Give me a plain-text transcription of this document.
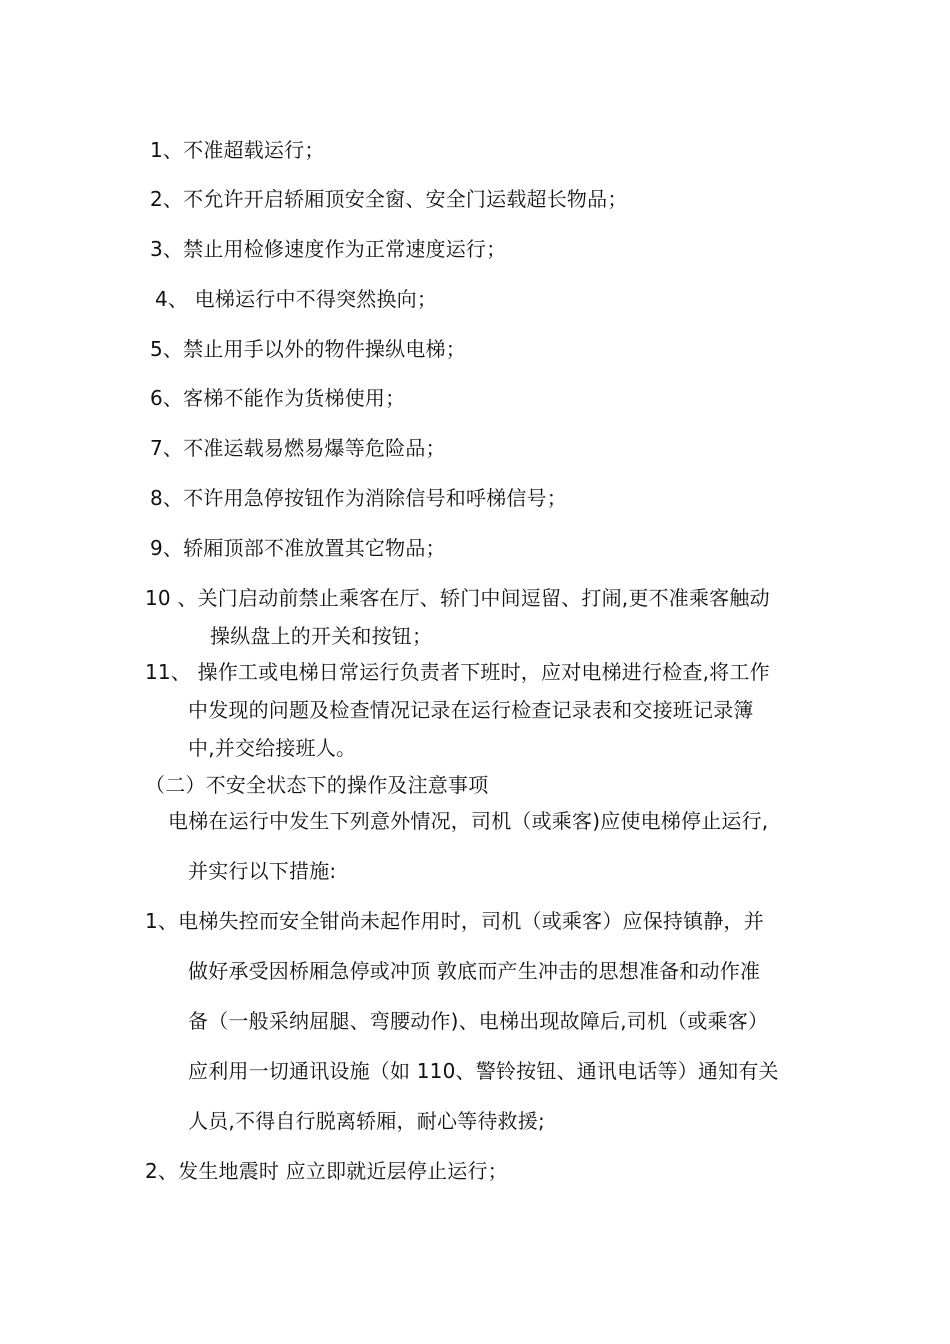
1、不准超载运行；
2、不允许开启轿厢顶安全窗、安全门运载超长物品；
3、禁止用检修速度作为正常速度运行；
4、 电梯运行中不得突然换向；
5、禁止用手以外的物件操纵电梯；
6、客梯不能作为货梯使用；
7、不准运载易燃易爆等危险品；
8、不许用急停按钮作为消除信号和呼梯信号；
9、轿厢顶部不准放置其它物品；
10 、关门启动前禁止乘客在厅、轿门中间逗留、打闹,更不准乘客触动
操纵盘上的开关和按钮；
11、 操作工或电梯日常运行负责者下班时，应对电梯进行检查,将工作
中发现的问题及检查情况记录在运行检查记录表和交接班记录簿
中,并交给接班人。
（二）不安全状态下的操作及注意事项
电梯在运行中发生下列意外情况，司机（或乘客)应使电梯停止运行,
并实行以下措施:
1、电梯失控而安全钳尚未起作用时，司机（或乘客）应保持镇静，并
做好承受因桥厢急停或冲顶 敦底而产生冲击的思想准备和动作准
备（一般采纳屈腿、弯腰动作)、电梯出现故障后,司机（或乘客）
应利用一切通讯设施（如 110、警铃按钮、通讯电话等）通知有关
人员,不得自行脱离轿厢，耐心等待救援;
2、发生地震时 应立即就近层停止运行；
